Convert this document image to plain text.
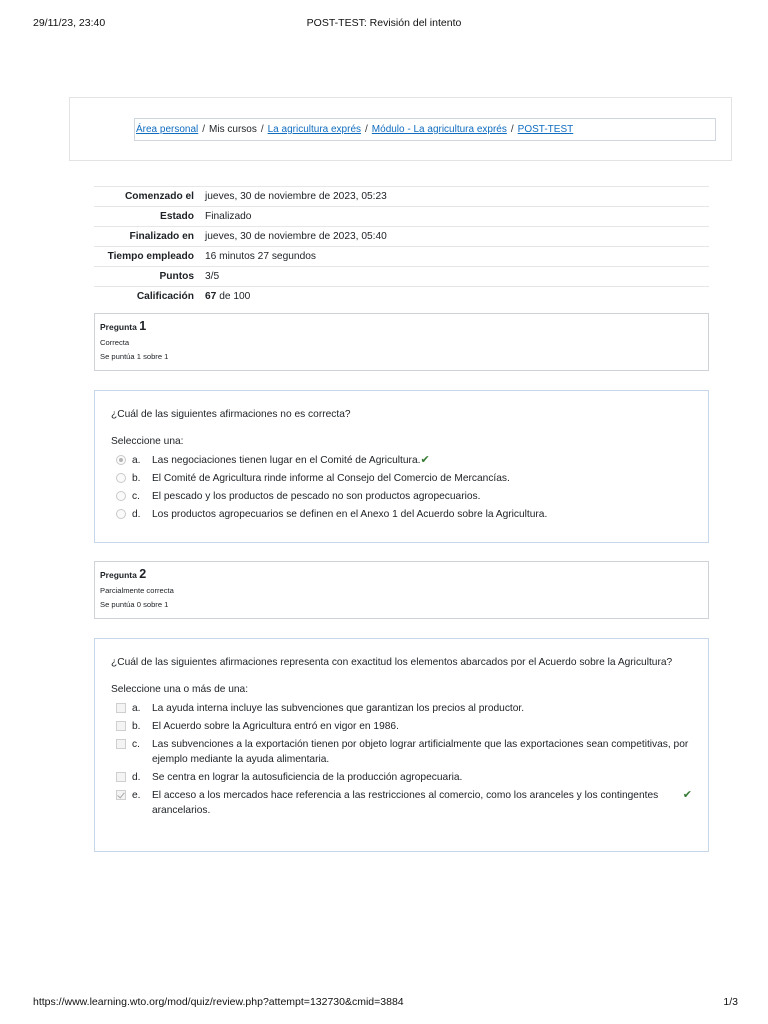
29/11/23, 23:40	POST-TEST: Revisión del intento
Área personal / Mis cursos / La agricultura exprés / Módulo - La agricultura exprés / POST-TEST
Comenzado el	jueves, 30 de noviembre de 2023, 05:23
Estado	Finalizado
Finalizado en	jueves, 30 de noviembre de 2023, 05:40
Tiempo empleado	16 minutos 27 segundos
Puntos	3/5
Calificación	67 de 100
Pregunta 1
Correcta
Se puntúa 1 sobre 1
¿Cuál de las siguientes afirmaciones no es correcta?
Seleccione una:
a.	Las negociaciones tienen lugar en el Comité de Agricultura.✔
b.	El Comité de Agricultura rinde informe al Consejo del Comercio de Mercancías.
c.	El pescado y los productos de pescado no son productos agropecuarios.
d.	Los productos agropecuarios se definen en el Anexo 1 del Acuerdo sobre la Agricultura.
Pregunta 2
Parcialmente correcta
Se puntúa 0 sobre 1
¿Cuál de las siguientes afirmaciones representa con exactitud los elementos abarcados por el Acuerdo sobre la Agricultura?
Seleccione una o más de una:
a.	La ayuda interna incluye las subvenciones que garantizan los precios al productor.
b.	El Acuerdo sobre la Agricultura entró en vigor en 1986.
c.	Las subvenciones a la exportación tienen por objeto lograr artificialmente que las exportaciones sean competitivas, por ejemplo mediante la ayuda alimentaria.
d.	Se centra en lograr la autosuficiencia de la producción agropecuaria.
e.	El acceso a los mercados hace referencia a las restricciones al comercio, como los aranceles y los contingentes arancelarios.
✔
https://www.learning.wto.org/mod/quiz/review.php?attempt=132730&cmid=3884	1/3
